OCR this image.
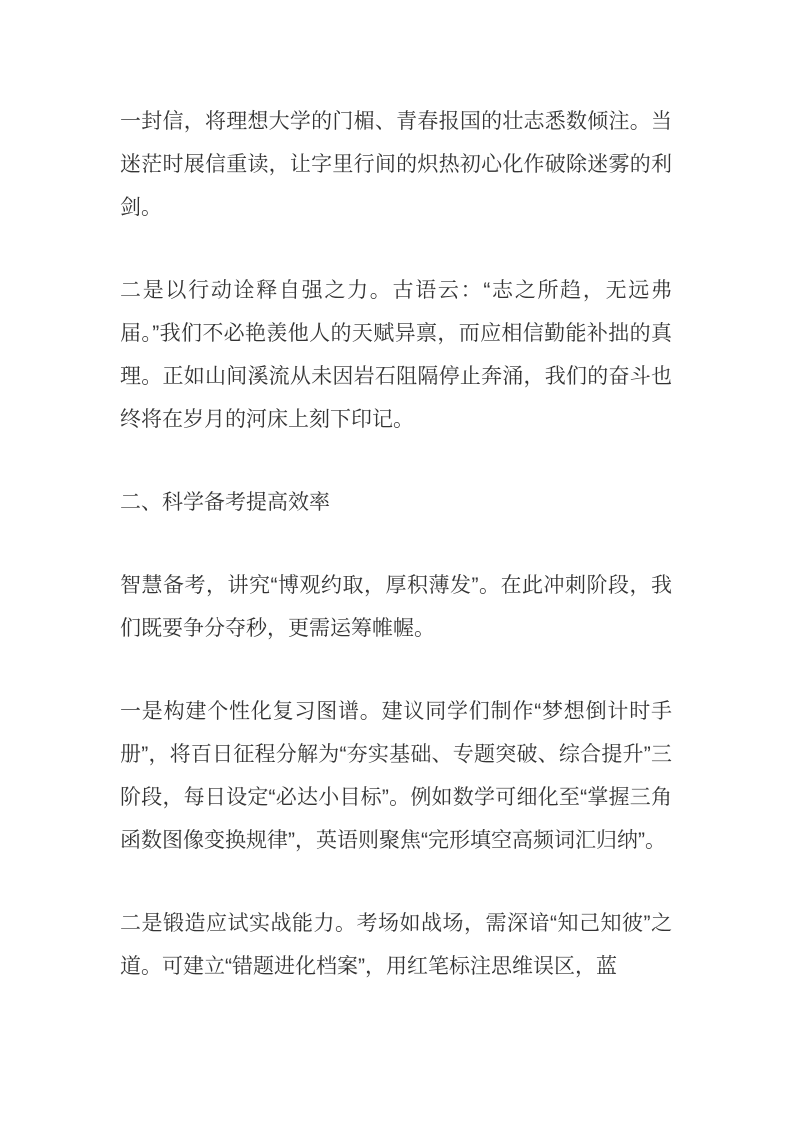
一封信，将理想大学的门楣、青春报国的壮志悉数倾注。当迷茫时展信重读，让字里行间的炽热初心化作破除迷雾的利剑。

二是以行动诠释自强之力。古语云：“志之所趋，无远弗届。”我们不必艳羡他人的天赋异禀，而应相信勤能补拙的真理。正如山间溪流从未因岩石阻隔停止奔涌，我们的奋斗也终将在岁月的河床上刻下印记。

二、科学备考提高效率

智慧备考，讲究“博观约取，厚积薄发”。在此冲刺阶段，我们既要争分夺秒，更需运筹帷幄。

一是构建个性化复习图谱。建议同学们制作“梦想倒计时手册”，将百日征程分解为“夯实基础、专题突破、综合提升”三阶段，每日设定“必达小目标”。例如数学可细化至“掌握三角函数图像变换规律”，英语则聚焦“完形填空高频词汇归纳”。

二是锻造应试实战能力。考场如战场，需深谙“知己知彼”之道。可建立“错题进化档案”，用红笔标注思维误区，蓝
